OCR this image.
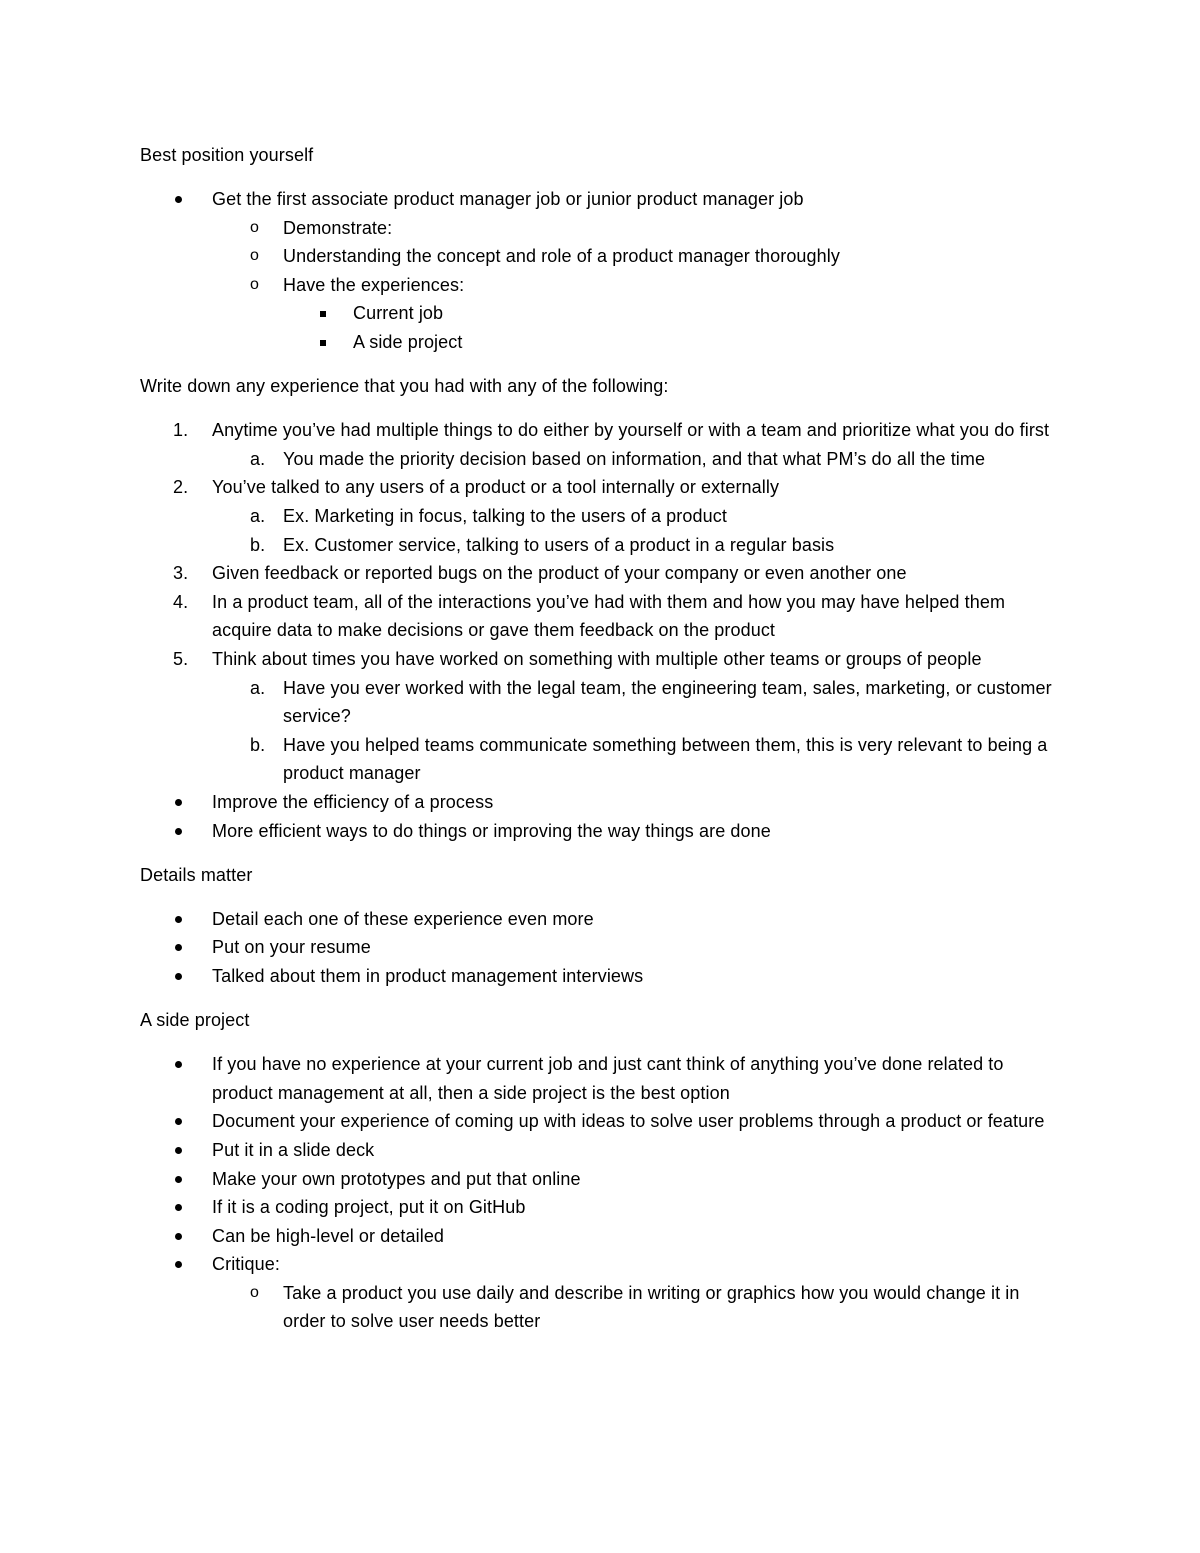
Best position yourself

Get the first associate product manager job or junior product manager job
o Demonstrate:
o Understanding the concept and role of a product manager thoroughly
o Have the experiences:
Current job
A side project

Write down any experience that you had with any of the following:

1. Anytime you’ve had multiple things to do either by yourself or with a team and prioritize what you do first
a. You made the priority decision based on information, and that what PM’s do all the time
2. You’ve talked to any users of a product or a tool internally or externally
a. Ex. Marketing in focus, talking to the users of a product
b. Ex. Customer service, talking to users of a product in a regular basis
3. Given feedback or reported bugs on the product of your company or even another one
4. In a product team, all of the interactions you’ve had with them and how you may have helped them acquire data to make decisions or gave them feedback on the product
5. Think about times you have worked on something with multiple other teams or groups of people
a. Have you ever worked with the legal team, the engineering team, sales, marketing, or customer service?
b. Have you helped teams communicate something between them, this is very relevant to being a product manager
Improve the efficiency of a process
More efficient ways to do things or improving the way things are done

Details matter

Detail each one of these experience even more
Put on your resume
Talked about them in product management interviews

A side project

If you have no experience at your current job and just cant think of anything you’ve done related to product management at all, then a side project is the best option
Document your experience of coming up with ideas to solve user problems through a product or feature
Put it in a slide deck
Make your own prototypes and put that online
If it is a coding project, put it on GitHub
Can be high-level or detailed
Critique:
o Take a product you use daily and describe in writing or graphics how you would change it in order to solve user needs better
